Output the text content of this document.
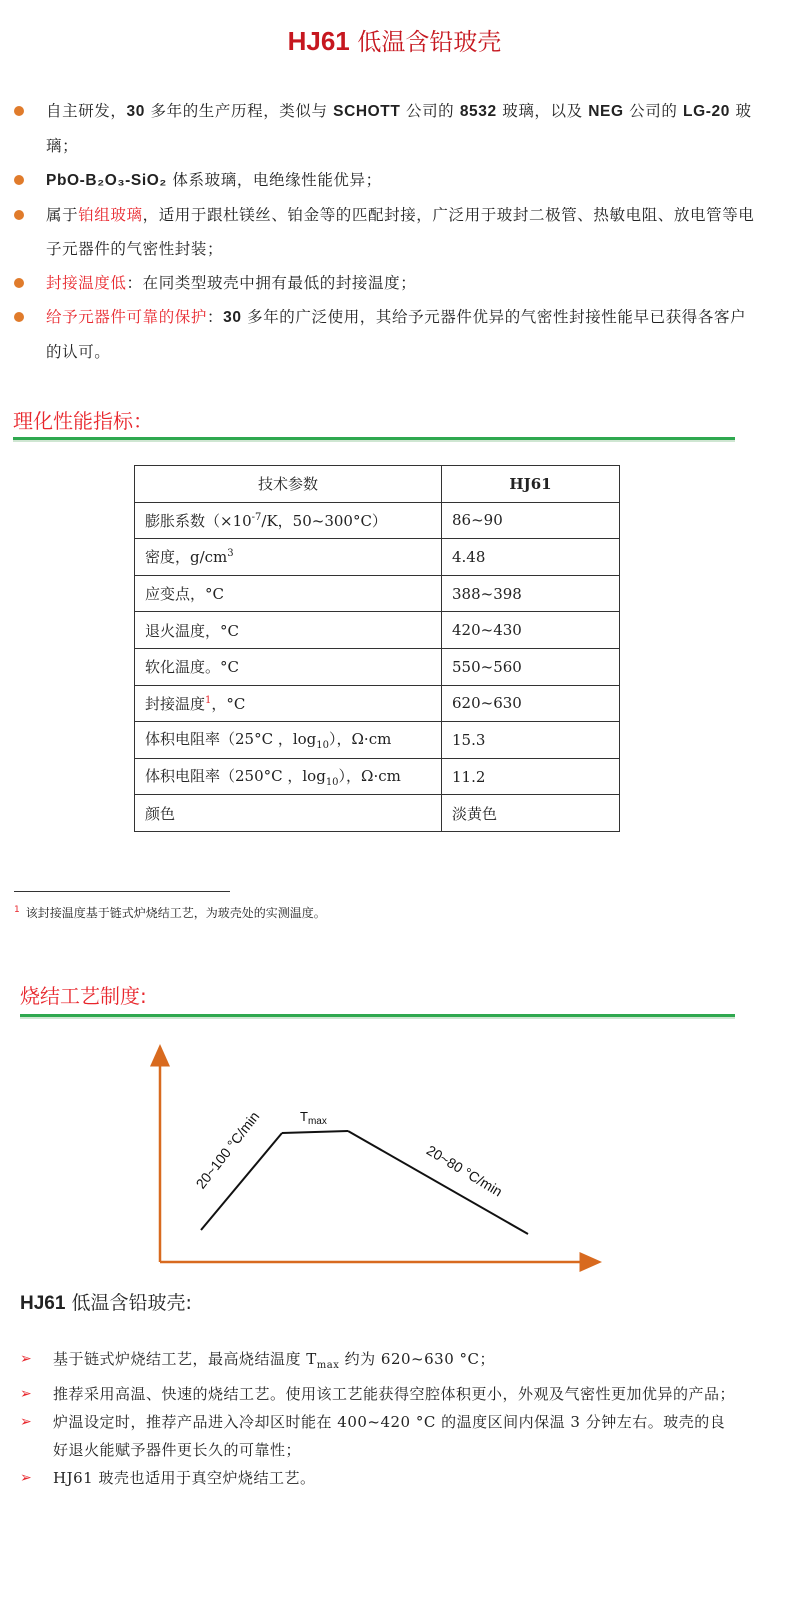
HJ61 低温含铅玻壳
自主研发，30 多年的生产历程，类似与 SCHOTT 公司的 8532 玻璃，以及 NEG 公司的 LG-20 玻璃；
PbO-B₂O₃-SiO₂ 体系玻璃，电绝缘性能优异；
属于铂组玻璃，适用于跟杜镁丝、铂金等的匹配封接，广泛用于玻封二极管、热敏电阻、放电管等电子元器件的气密性封装；
封接温度低：在同类型玻壳中拥有最低的封接温度；
给予元器件可靠的保护：30 多年的广泛使用，其给予元器件优异的气密性封接性能早已获得各客户的认可。
理化性能指标：
技术参数	HJ61
膨胀系数（$\times 10^{-7}/K$，50~300°C）	86~90
密度，$g/cm^3$	4.48
应变点，°C	388~398
退火温度，°C	420~430
软化温度。°C	550~560
封接温度$^1$，°C	620~630
体积电阻率（25°C ，$\log_{10}$），Ω·cm	15.3
体积电阻率（250°C ，$\log_{10}$），Ω·cm	11.2
颜色	淡黄色
$^1$ 该封接温度基于链式炉烧结工艺，为玻壳处的实测温度。
烧结工艺制度:
20~100 °C/min	$T_{max}$
20~80 °C/min
HJ61 低温含铅玻壳:
➢ 基于链式炉烧结工艺，最高烧结温度 $T_{max}$ 约为 620~630 °C；
➢ 推荐采用高温、快速的烧结工艺。使用该工艺能获得空腔体积更小，外观及气密性更加优异的产品；
➢ 炉温设定时，推荐产品进入冷却区时能在 400~420 °C 的温度区间内保温 3 分钟左右。玻壳的良好退火能赋予器件更长久的可靠性；
➢ HJ61 玻壳也适用于真空炉烧结工艺。
